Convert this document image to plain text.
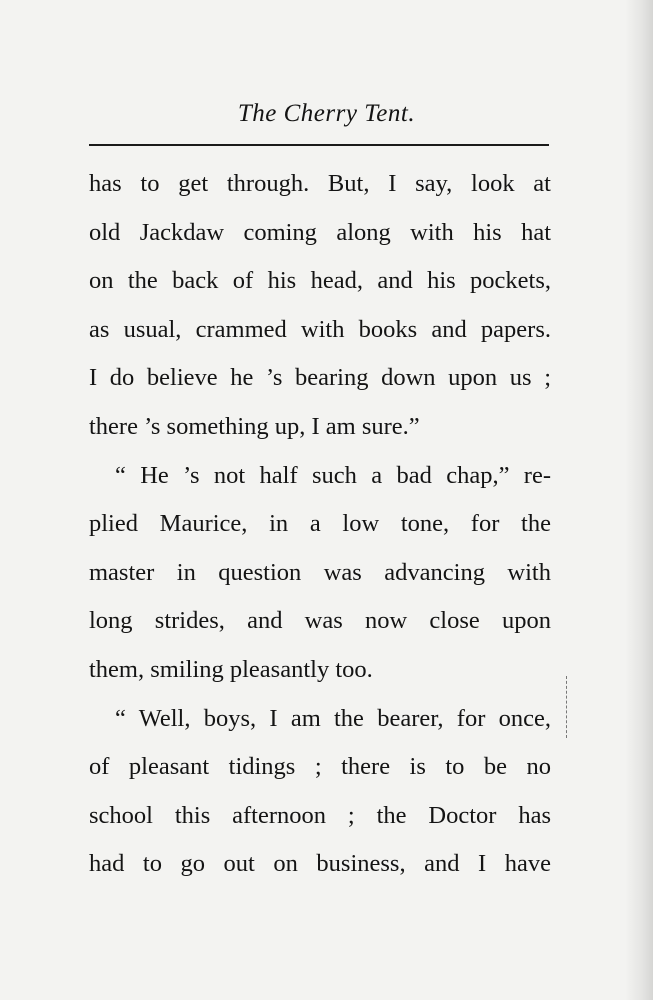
The Cherry Tent.
has to get through. But, I say, look at
old Jackdaw coming along with his hat
on the back of his head, and his pockets,
as usual, crammed with books and papers.
I do believe he ’s bearing down upon us ;
there ’s something up, I am sure.”
“ He ’s not half such a bad chap,” re-
plied Maurice, in a low tone, for the
master in question was advancing with
long strides, and was now close upon
them, smiling pleasantly too.
“ Well, boys, I am the bearer, for once,
of pleasant tidings ; there is to be no
school this afternoon ; the Doctor has
had to go out on business, and I have
